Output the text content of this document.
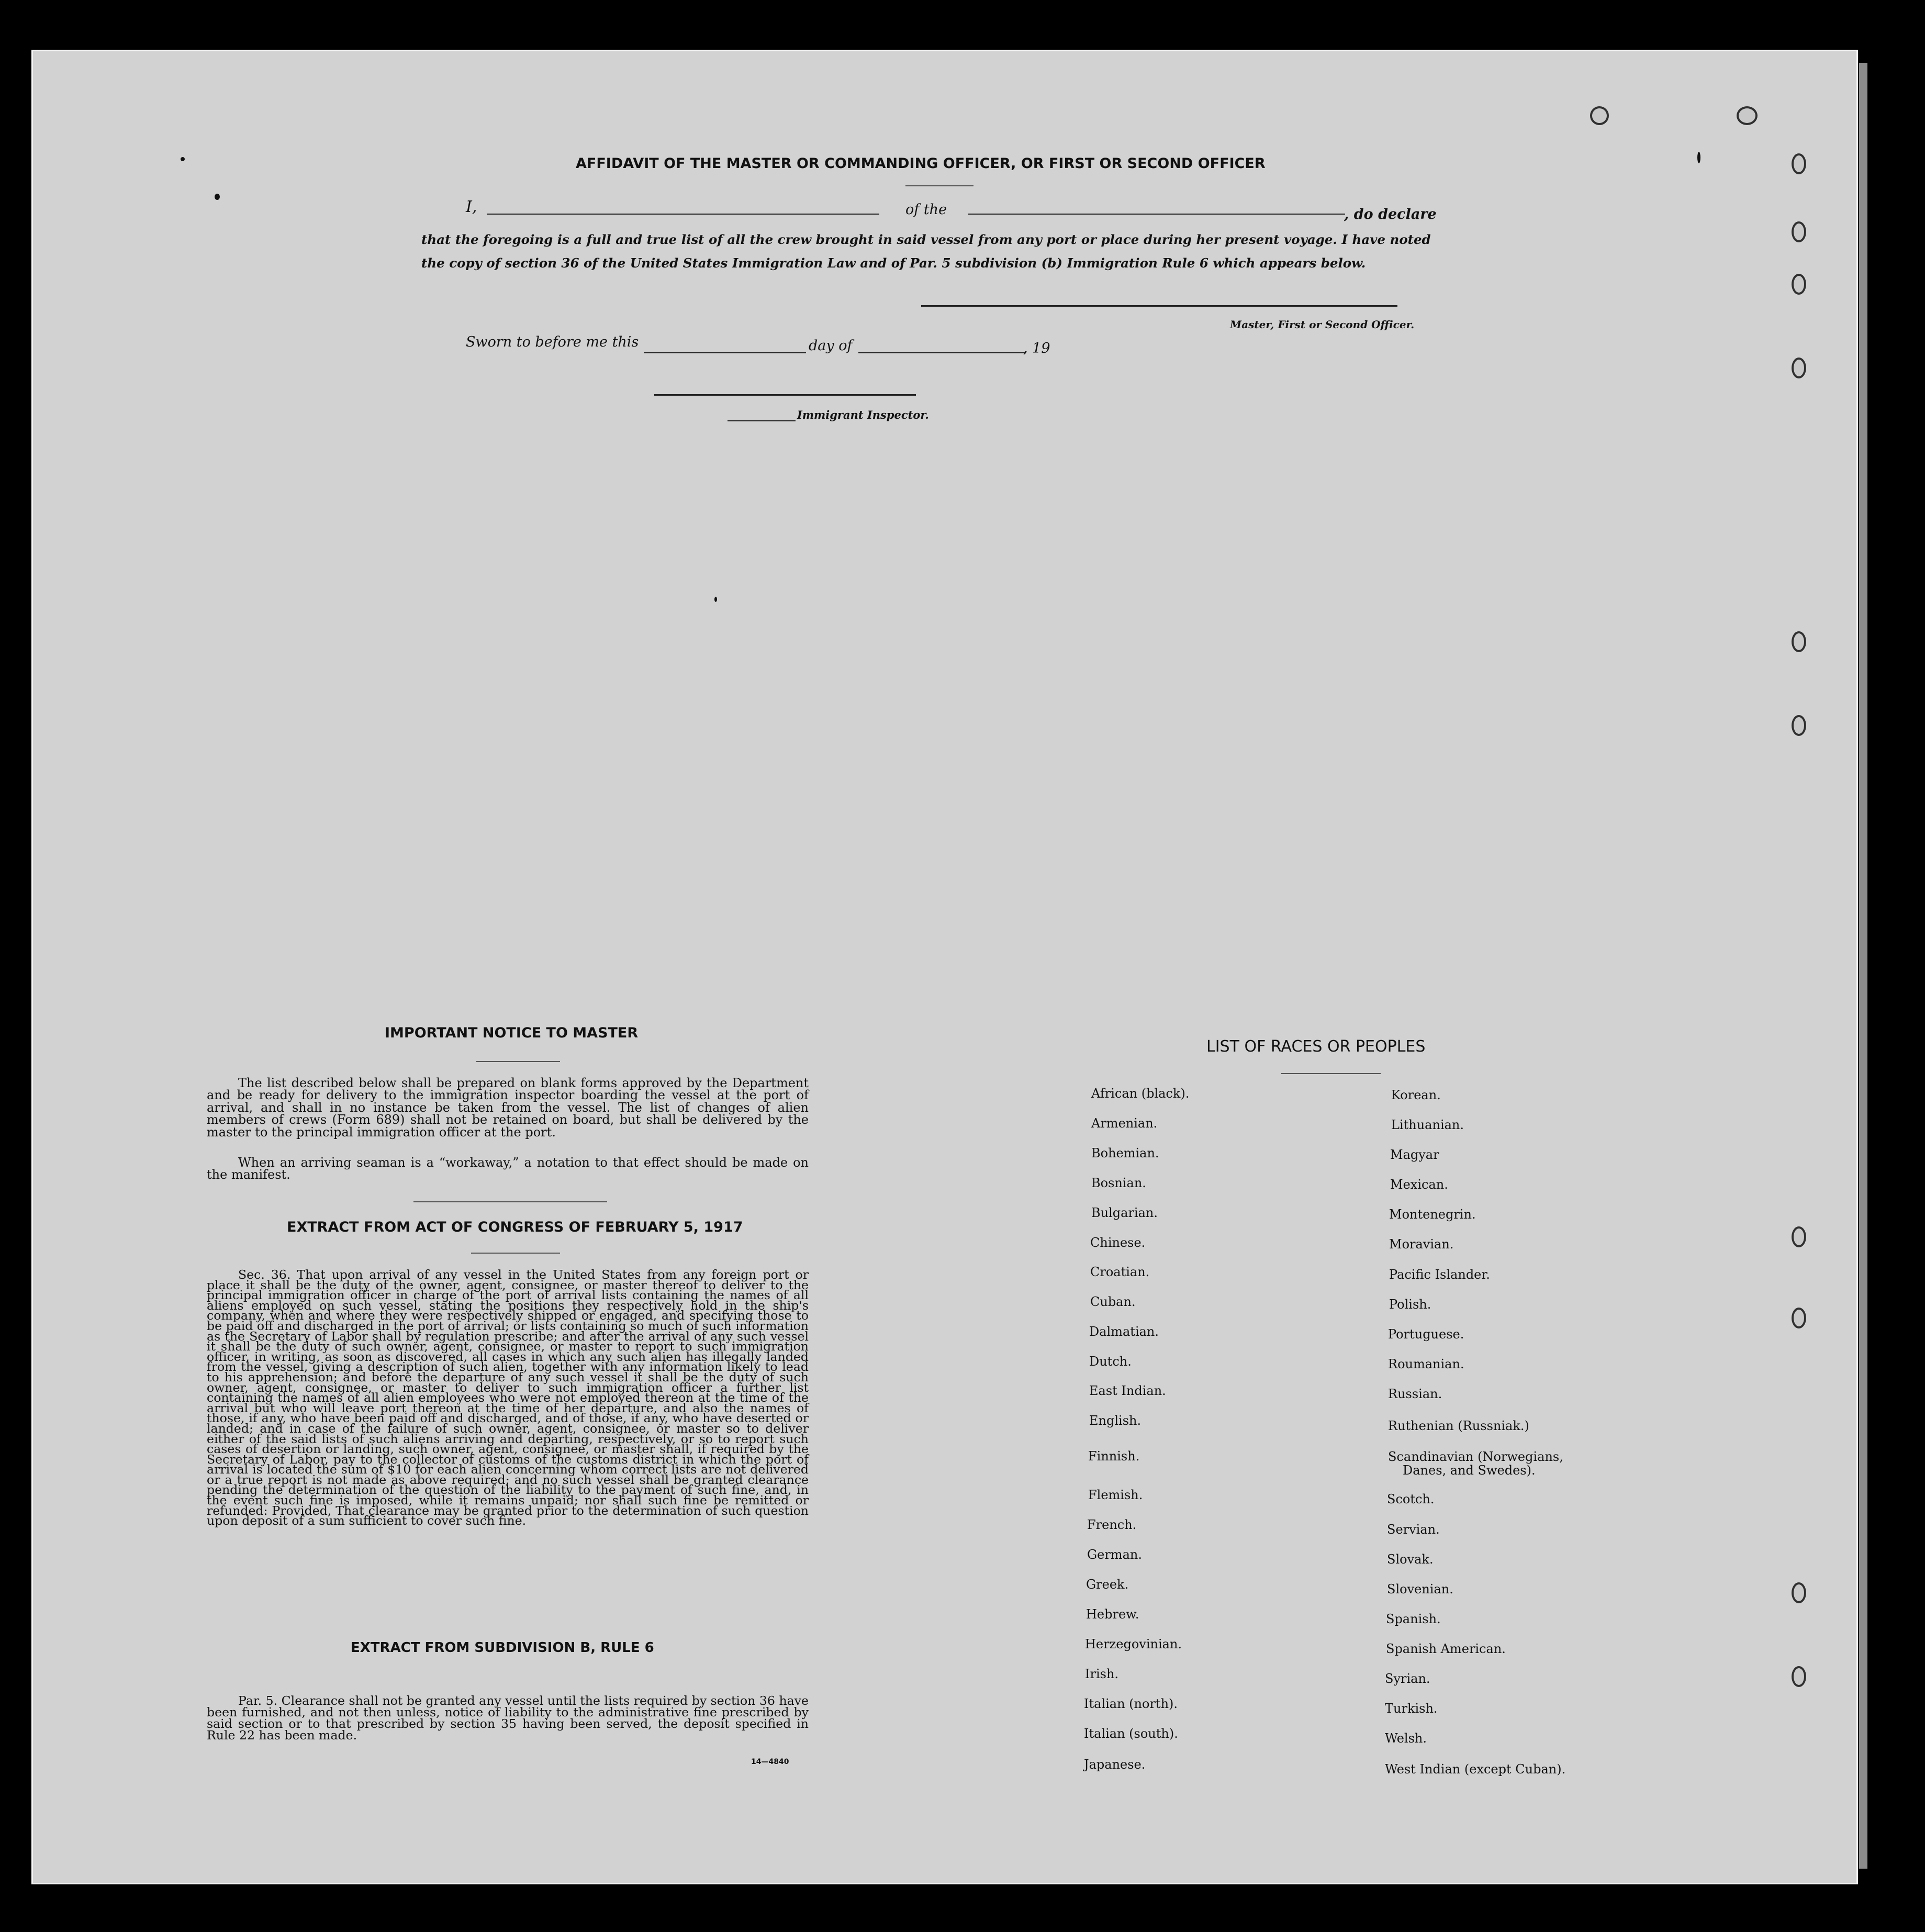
AFFIDAVIT OF THE MASTER OR COMMANDING OFFICER, OR FIRST OR SECOND OFFICER
I,	of the	, do declare
that the foregoing is a full and true list of all the crew brought in said vessel from any port or place during her present voyage. I have noted
the copy of section 36 of the United States Immigration Law and of Par. 5 subdivision (b) Immigration Rule 6 which appears below.
Master, First or Second Officer.
Sworn to before me this	day of	, 19
Immigrant Inspector.
IMPORTANT NOTICE TO MASTER
The list described below shall be prepared on blank forms approved by the Department and be ready for delivery to the immigration inspector boarding the vessel at the port of arrival, and shall in no instance be taken from the vessel. The list of changes of alien members of crews (Form 689) shall not be retained on board, but shall be delivered by the master to the principal immigration officer at the port.
When an arriving seaman is a “workaway,” a notation to that effect should be made on the manifest.
EXTRACT FROM ACT OF CONGRESS OF FEBRUARY 5, 1917
Sec. 36. That upon arrival of any vessel in the United States from any foreign port or place it shall be the duty of the owner, agent, consignee, or master thereof to deliver to the principal immigration officer in charge of the port of arrival lists containing the names of all aliens employed on such vessel, stating the positions they respectively hold in the ship's company, when and where they were respectively shipped or engaged, and specifying those to be paid off and discharged in the port of arrival; or lists containing so much of such information as the Secretary of Labor shall by regulation prescribe; and after the arrival of any such vessel it shall be the duty of such owner, agent, consignee, or master to report to such immigration officer, in writing, as soon as discovered, all cases in which any such alien has illegally landed from the vessel, giving a description of such alien, together with any information likely to lead to his apprehension; and before the departure of any such vessel it shall be the duty of such owner, agent, consignee, or master to deliver to such immigration officer a further list containing the names of all alien employees who were not employed thereon at the time of the arrival but who will leave port thereon at the time of her departure, and also the names of those, if any, who have been paid off and discharged, and of those, if any, who have deserted or landed; and in case of the failure of such owner, agent, consignee, or master so to deliver either of the said lists of such aliens arriving and departing, respectively, or so to report such cases of desertion or landing, such owner, agent, consignee, or master shall, if required by the Secretary of Labor, pay to the collector of customs of the customs district in which the port of arrival is located the sum of $10 for each alien concerning whom correct lists are not delivered or a true report is not made as above required; and no such vessel shall be granted clearance pending the determination of the question of the liability to the payment of such fine, and, in the event such fine is imposed, while it remains unpaid; nor shall such fine be remitted or refunded: Provided, That clearance may be granted prior to the determination of such question upon deposit of a sum sufficient to cover such fine.
EXTRACT FROM SUBDIVISION B, RULE 6
Par. 5. Clearance shall not be granted any vessel until the lists required by section 36 have been furnished, and not then unless, notice of liability to the administrative fine prescribed by said section or to that prescribed by section 35 having been served, the deposit specified in Rule 22 has been made.
14—4840
LIST OF RACES OR PEOPLES
African (black).
Armenian.
Bohemian.
Bosnian.
Bulgarian.
Chinese.
Croatian.
Cuban.
Dalmatian.
Dutch.
East Indian.
English.
Finnish.
Flemish.
French.
German.
Greek.
Hebrew.
Herzegovinian.
Irish.
Italian (north).
Italian (south).
Japanese.
Korean.
Lithuanian.
Magyar
Mexican.
Montenegrin.
Moravian.
Pacific Islander.
Polish.
Portuguese.
Roumanian.
Russian.
Ruthenian (Russniak.)
Scandinavian (Norwegians,
Danes, and Swedes).
Scotch.
Servian.
Slovak.
Slovenian.
Spanish.
Spanish American.
Syrian.
Turkish.
Welsh.
West Indian (except Cuban).
